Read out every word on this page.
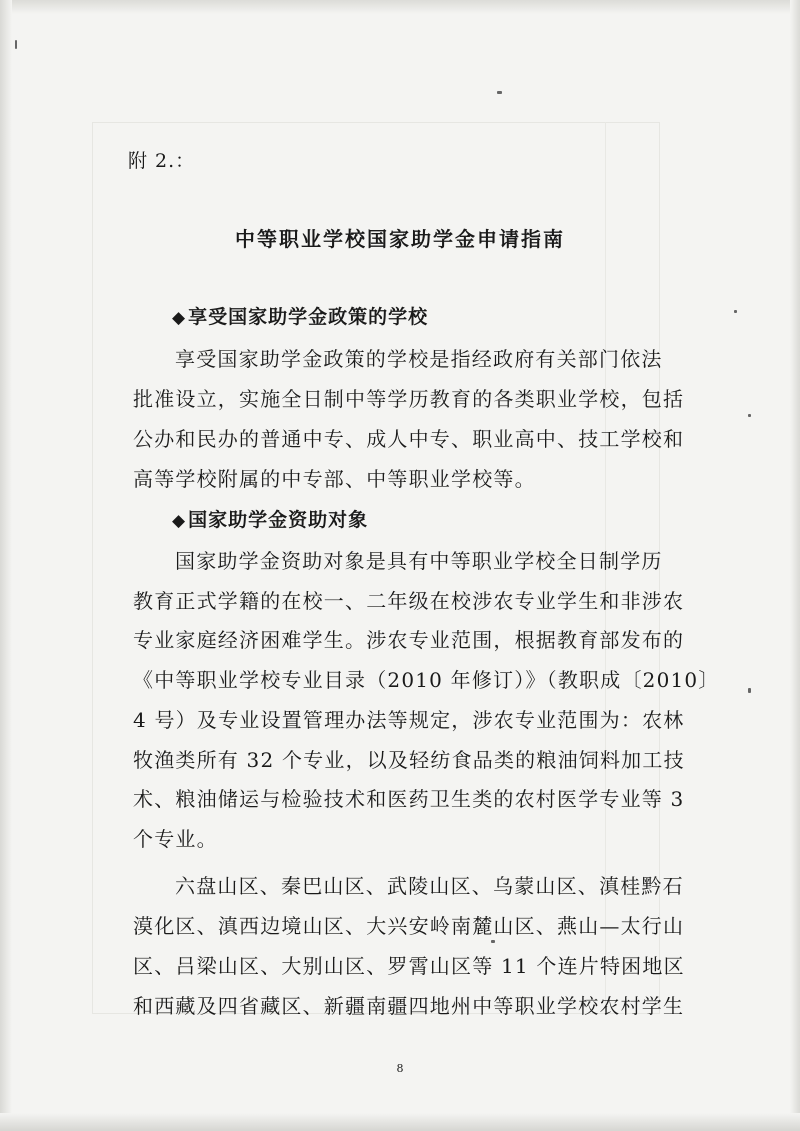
附 2.：
中等职业学校国家助学金申请指南
◆ 享受国家助学金政策的学校
享受国家助学金政策的学校是指经政府有关部门依法
批准设立，实施全日制中等学历教育的各类职业学校，包括
公办和民办的普通中专、成人中专、职业高中、技工学校和
高等学校附属的中专部、中等职业学校等。
◆ 国家助学金资助对象
国家助学金资助对象是具有中等职业学校全日制学历
教育正式学籍的在校一、二年级在校涉农专业学生和非涉农
专业家庭经济困难学生。涉农专业范围，根据教育部发布的
《中等职业学校专业目录（2010 年修订）》（教职成〔2010〕
4 号）及专业设置管理办法等规定，涉农专业范围为：农林
牧渔类所有 32 个专业，以及轻纺食品类的粮油饲料加工技
术、粮油储运与检验技术和医药卫生类的农村医学专业等 3
个专业。
六盘山区、秦巴山区、武陵山区、乌蒙山区、滇桂黔石
漠化区、滇西边境山区、大兴安岭南麓山区、燕山—太行山
区、吕梁山区、大别山区、罗霄山区等 11 个连片特困地区
和西藏及四省藏区、新疆南疆四地州中等职业学校农村学生
8
